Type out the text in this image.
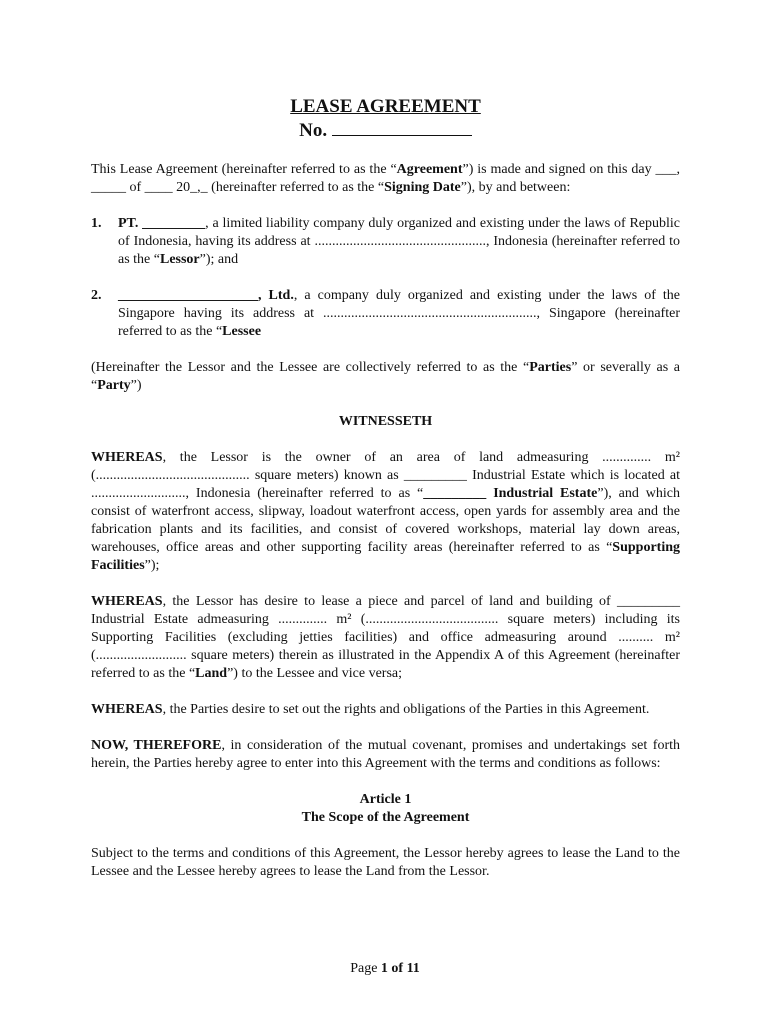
LEASE AGREEMENT

No.

This Lease Agreement (hereinafter referred to as the “Agreement”) is made and signed on this day ___, _____ of ____ 20_,_ (hereinafter referred to as the “Signing Date”), by and between:

1.	PT. _________, a limited liability company duly organized and existing under the laws of Republic of Indonesia, having its address at ................................................., Indonesia (hereinafter referred to as the “Lessor”); and
2.	____________________, Ltd., a company duly organized and existing under the laws of the Singapore having its address at ............................................................., Singapore (hereinafter referred to as the “Lessee

(Hereinafter the Lessor and the Lessee are collectively referred to as the “Parties” or severally as a “Party”)

WITNESSETH

WHEREAS, the Lessor is the owner of an area of land admeasuring .............. m² (............................................ square meters) known as _________ Industrial Estate which is located at ..........................., Indonesia (hereinafter referred to as “_________ Industrial Estate”), and which consist of waterfront access, slipway, loadout waterfront access, open yards for assembly area and the fabrication plants and its facilities, and consist of covered workshops, material lay down areas, warehouses, office areas and other supporting facility areas (hereinafter referred to as “Supporting Facilities”);

WHEREAS, the Lessor has desire to lease a piece and parcel of land and building of _________ Industrial Estate admeasuring .............. m² (...................................... square meters) including its Supporting Facilities (excluding jetties facilities) and office admeasuring around .......... m² (.......................... square meters) therein as illustrated in the Appendix A of this Agreement (hereinafter referred to as the “Land”) to the Lessee and vice versa;

WHEREAS, the Parties desire to set out the rights and obligations of the Parties in this Agreement.

NOW, THEREFORE, in consideration of the mutual covenant, promises and undertakings set forth herein, the Parties hereby agree to enter into this Agreement with the terms and conditions as follows:

Article 1

The Scope of the Agreement

Subject to the terms and conditions of this Agreement, the Lessor hereby agrees to lease the Land to the Lessee and the Lessee hereby agrees to lease the Land from the Lessor.

Page 1 of 11
